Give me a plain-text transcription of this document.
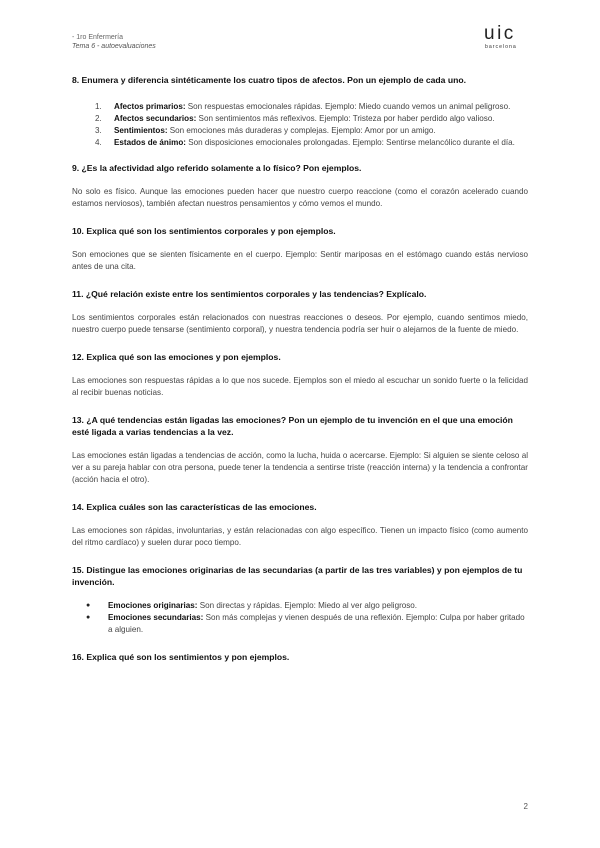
- 1ro Enfermería
Tema 6 - autoevaluaciones
uic
barcelona

8. Enumera y diferencia sintéticamente los cuatro tipos de afectos. Pon un ejemplo de cada uno.

1. Afectos primarios: Son respuestas emocionales rápidas. Ejemplo: Miedo cuando vemos un animal peligroso.
2. Afectos secundarios: Son sentimientos más reflexivos. Ejemplo: Tristeza por haber perdido algo valioso.
3. Sentimientos: Son emociones más duraderas y complejas. Ejemplo: Amor por un amigo.
4. Estados de ánimo: Son disposiciones emocionales prolongadas. Ejemplo: Sentirse melancólico durante el día.

9. ¿Es la afectividad algo referido solamente a lo físico? Pon ejemplos.

No solo es físico. Aunque las emociones pueden hacer que nuestro cuerpo reaccione (como el corazón acelerado cuando estamos nerviosos), también afectan nuestros pensamientos y cómo vemos el mundo.

10. Explica qué son los sentimientos corporales y pon ejemplos.

Son emociones que se sienten físicamente en el cuerpo. Ejemplo: Sentir mariposas en el estómago cuando estás nervioso antes de una cita.

11. ¿Qué relación existe entre los sentimientos corporales y las tendencias? Explícalo.

Los sentimientos corporales están relacionados con nuestras reacciones o deseos. Por ejemplo, cuando sentimos miedo, nuestro cuerpo puede tensarse (sentimiento corporal), y nuestra tendencia podría ser huir o alejarnos de la fuente de miedo.

12. Explica qué son las emociones y pon ejemplos.

Las emociones son respuestas rápidas a lo que nos sucede. Ejemplos son el miedo al escuchar un sonido fuerte o la felicidad al recibir buenas noticias.

13. ¿A qué tendencias están ligadas las emociones? Pon un ejemplo de tu invención en el que una emoción esté ligada a varias tendencias a la vez.

Las emociones están ligadas a tendencias de acción, como la lucha, huida o acercarse. Ejemplo: Si alguien se siente celoso al ver a su pareja hablar con otra persona, puede tener la tendencia a sentirse triste (reacción interna) y la tendencia a confrontar (acción hacia el otro).

14. Explica cuáles son las características de las emociones.

Las emociones son rápidas, involuntarias, y están relacionadas con algo específico. Tienen un impacto físico (como aumento del ritmo cardíaco) y suelen durar poco tiempo.

15. Distingue las emociones originarias de las secundarias (a partir de las tres variables) y pon ejemplos de tu invención.

● Emociones originarias: Son directas y rápidas. Ejemplo: Miedo al ver algo peligroso.
● Emociones secundarias: Son más complejas y vienen después de una reflexión. Ejemplo: Culpa por haber gritado a alguien.

16. Explica qué son los sentimientos y pon ejemplos.

2
